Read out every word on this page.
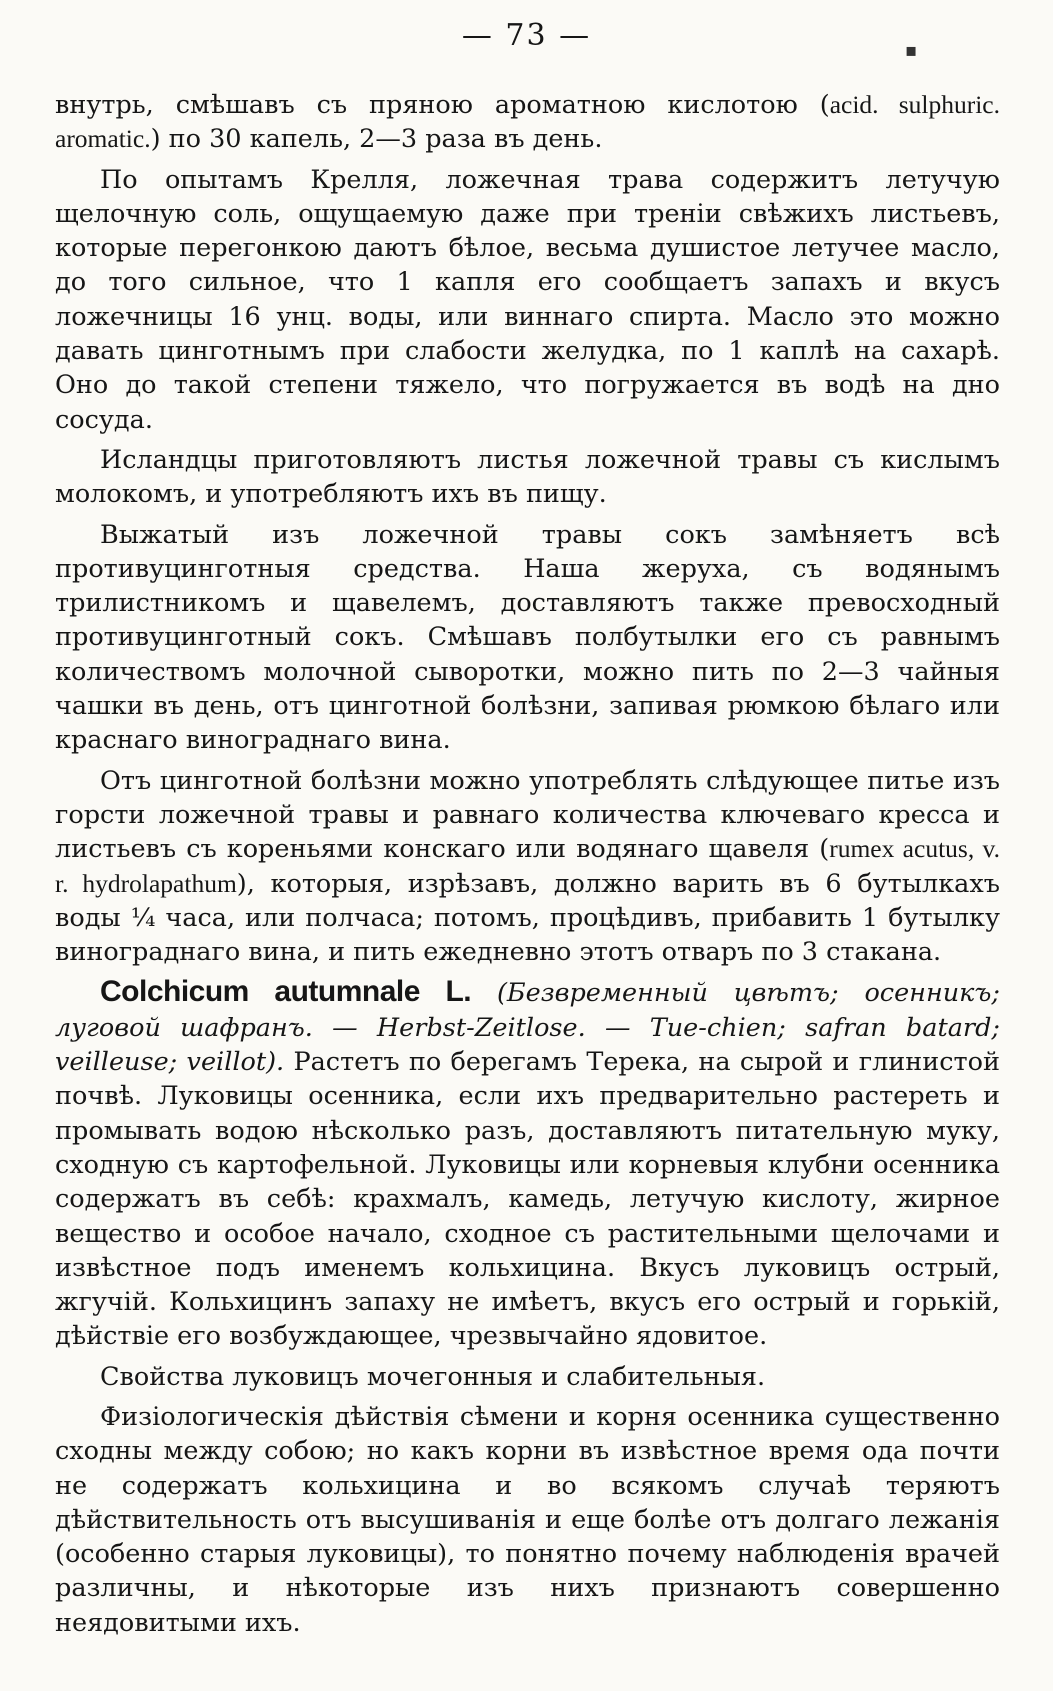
— 73 —

внутрь, смѣшавъ съ пряною ароматною кислотою (acid. sulphuric. aromatic.) по 30 капель, 2—3 раза въ день.

По опытамъ Крелля, ложечная трава содержитъ летучую щелочную соль, ощущаемую даже при тренiи свѣжихъ листьевъ, которые перегонкою даютъ бѣлое, весьма душистое летучее масло, до того сильное, что 1 капля его сообщаетъ запахъ и вкусъ ложечницы 16 унц. воды, или виннаго спирта. Масло это можно давать цинготнымъ при слабости желудка, по 1 каплѣ на сахарѣ. Оно до такой степени тяжело, что погружается въ водѣ на дно сосуда.

Исландцы приготовляютъ листья ложечной травы съ кислымъ молокомъ, и употребляютъ ихъ въ пищу.

Выжатый изъ ложечной травы сокъ замѣняетъ всѣ противуцинготныя средства. Наша жеруха, съ водянымъ трилистникомъ и щавелемъ, доставляютъ также превосходный противуцинготный сокъ. Смѣшавъ полбутылки его съ равнымъ количествомъ молочной сыворотки, можно пить по 2—3 чайныя чашки въ день, отъ цинготной болѣзни, запивая рюмкою бѣлаго или краснаго винограднаго вина.

Отъ цинготной болѣзни можно употреблять слѣдующее питье изъ горсти ложечной травы и равнаго количества ключеваго кресса и листьевъ съ кореньями конскаго или водянаго щавеля (rumex acutus, v. r. hydrolapathum), которыя, изрѣзавъ, должно варить въ 6 бутылкахъ воды ¼ часа, или полчаса; потомъ, процѣдивъ, прибавить 1 бутылку винограднаго вина, и пить ежедневно этотъ отваръ по 3 стакана.

Colchicum autumnale L. (Безвременный цвѣтъ; осенникъ; луговой шафранъ. — Herbst-Zeitlose. — Tue-chien; safran batard; veilleuse; veillot). Растетъ по берегамъ Терека, на сырой и глинистой почвѣ. Луковицы осенника, если ихъ предварительно растереть и промывать водою нѣсколько разъ, доставляютъ питательную муку, сходную съ картофельной. Луковицы или корневыя клубни осенника содержатъ въ себѣ: крахмалъ, камедь, летучую кислоту, жирное вещество и особое начало, сходное съ растительными щелочами и извѣстное подъ именемъ кольхицина. Вкусъ луковицъ острый, жгучiй. Кольхицинъ запаху не имѣетъ, вкусъ его острый и горькiй, дѣйствiе его возбуждающее, чрезвычайно ядовитое.

Свойства луковицъ мочегонныя и слабительныя.

Физiологическiя дѣйствiя сѣмени и корня осенника существенно сходны между собою; но какъ корни въ извѣстное время ода почти не содержатъ кольхицина и во всякомъ случаѣ теряютъ дѣйствительность отъ высушиванiя и еще болѣе отъ долгаго лежанiя (особенно старыя луковицы), то понятно почему наблюденiя врачей различны, и нѣкоторые изъ нихъ признаютъ совершенно неядовитыми ихъ.

▪
